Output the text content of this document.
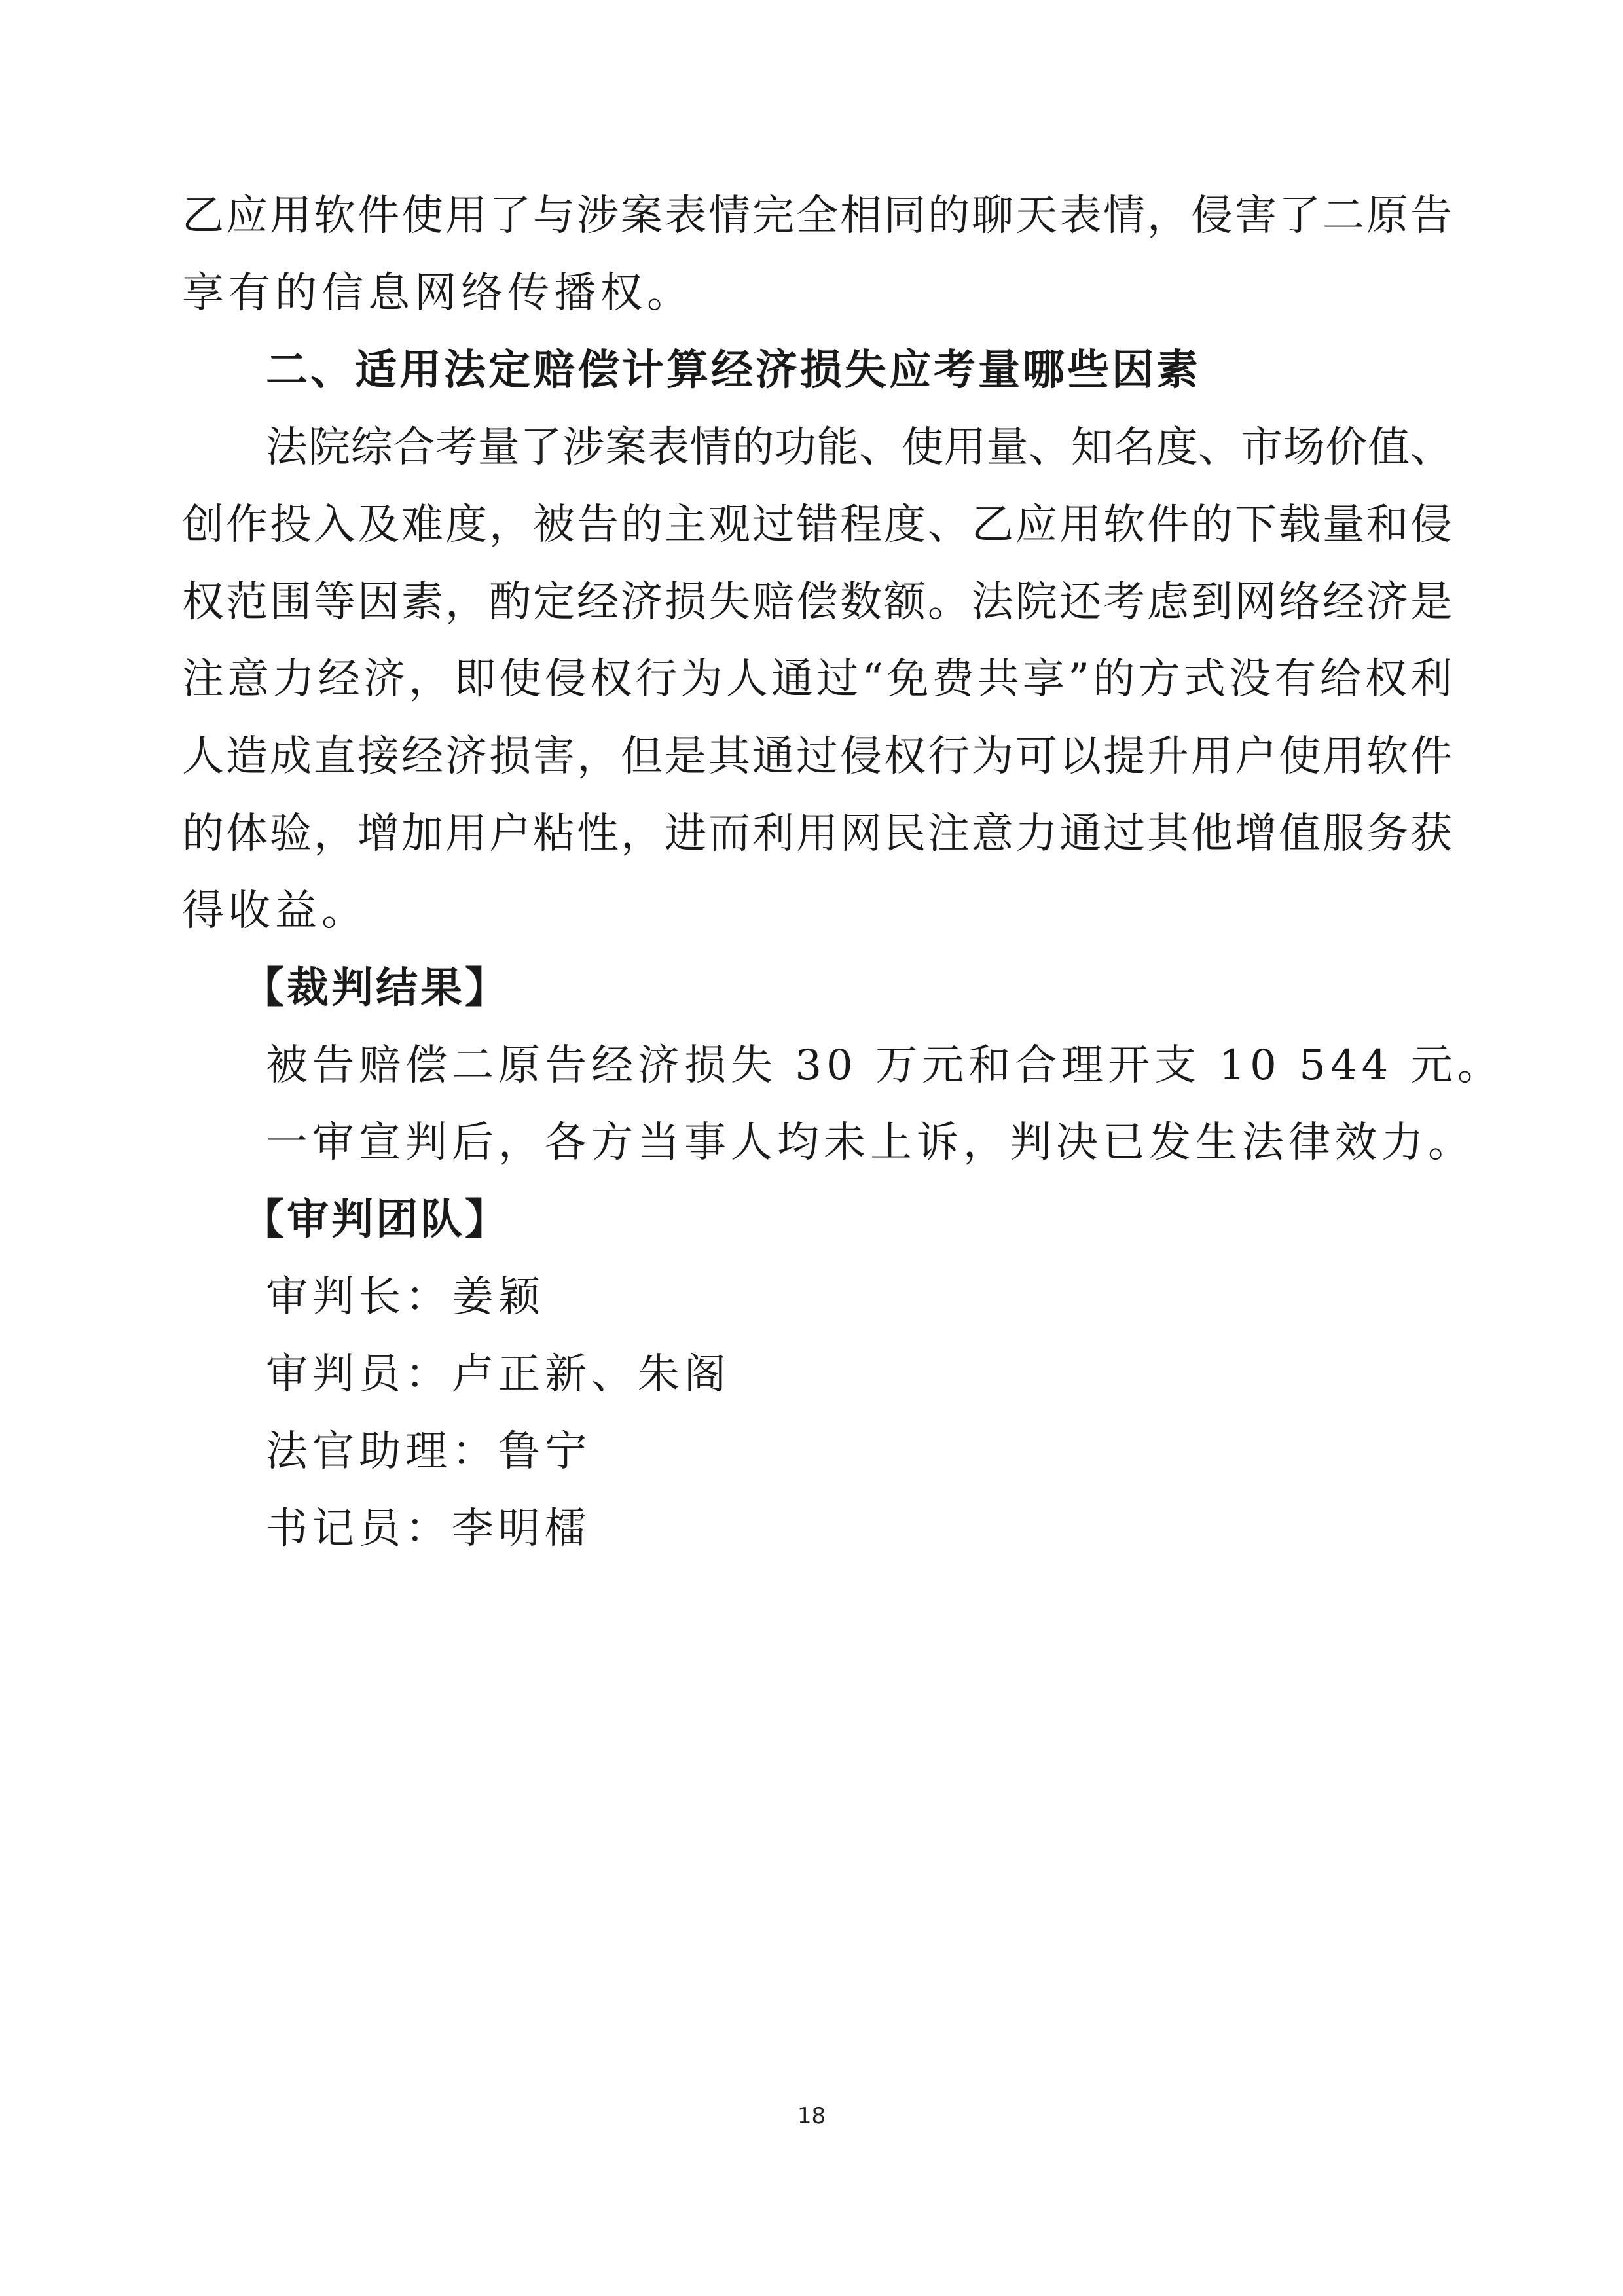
乙应用软件使用了与涉案表情完全相同的聊天表情，侵害了二原告
享有的信息网络传播权。
二、适用法定赔偿计算经济损失应考量哪些因素
法院综合考量了涉案表情的功能、使用量、知名度、市场价值、
创作投入及难度，被告的主观过错程度、乙应用软件的下载量和侵
权范围等因素，酌定经济损失赔偿数额。法院还考虑到网络经济是
注意力经济，即使侵权行为人通过“免费共享”的方式没有给权利
人造成直接经济损害，但是其通过侵权行为可以提升用户使用软件
的体验，增加用户粘性，进而利用网民注意力通过其他增值服务获
得收益。
【裁判结果】
被告赔偿二原告经济损失 30 万元和合理开支 10 544 元。
一审宣判后，各方当事人均未上诉，判决已发生法律效力。
【审判团队】
审判长：姜颖
审判员：卢正新、朱阁
法官助理：鲁宁
书记员：李明檑
18
